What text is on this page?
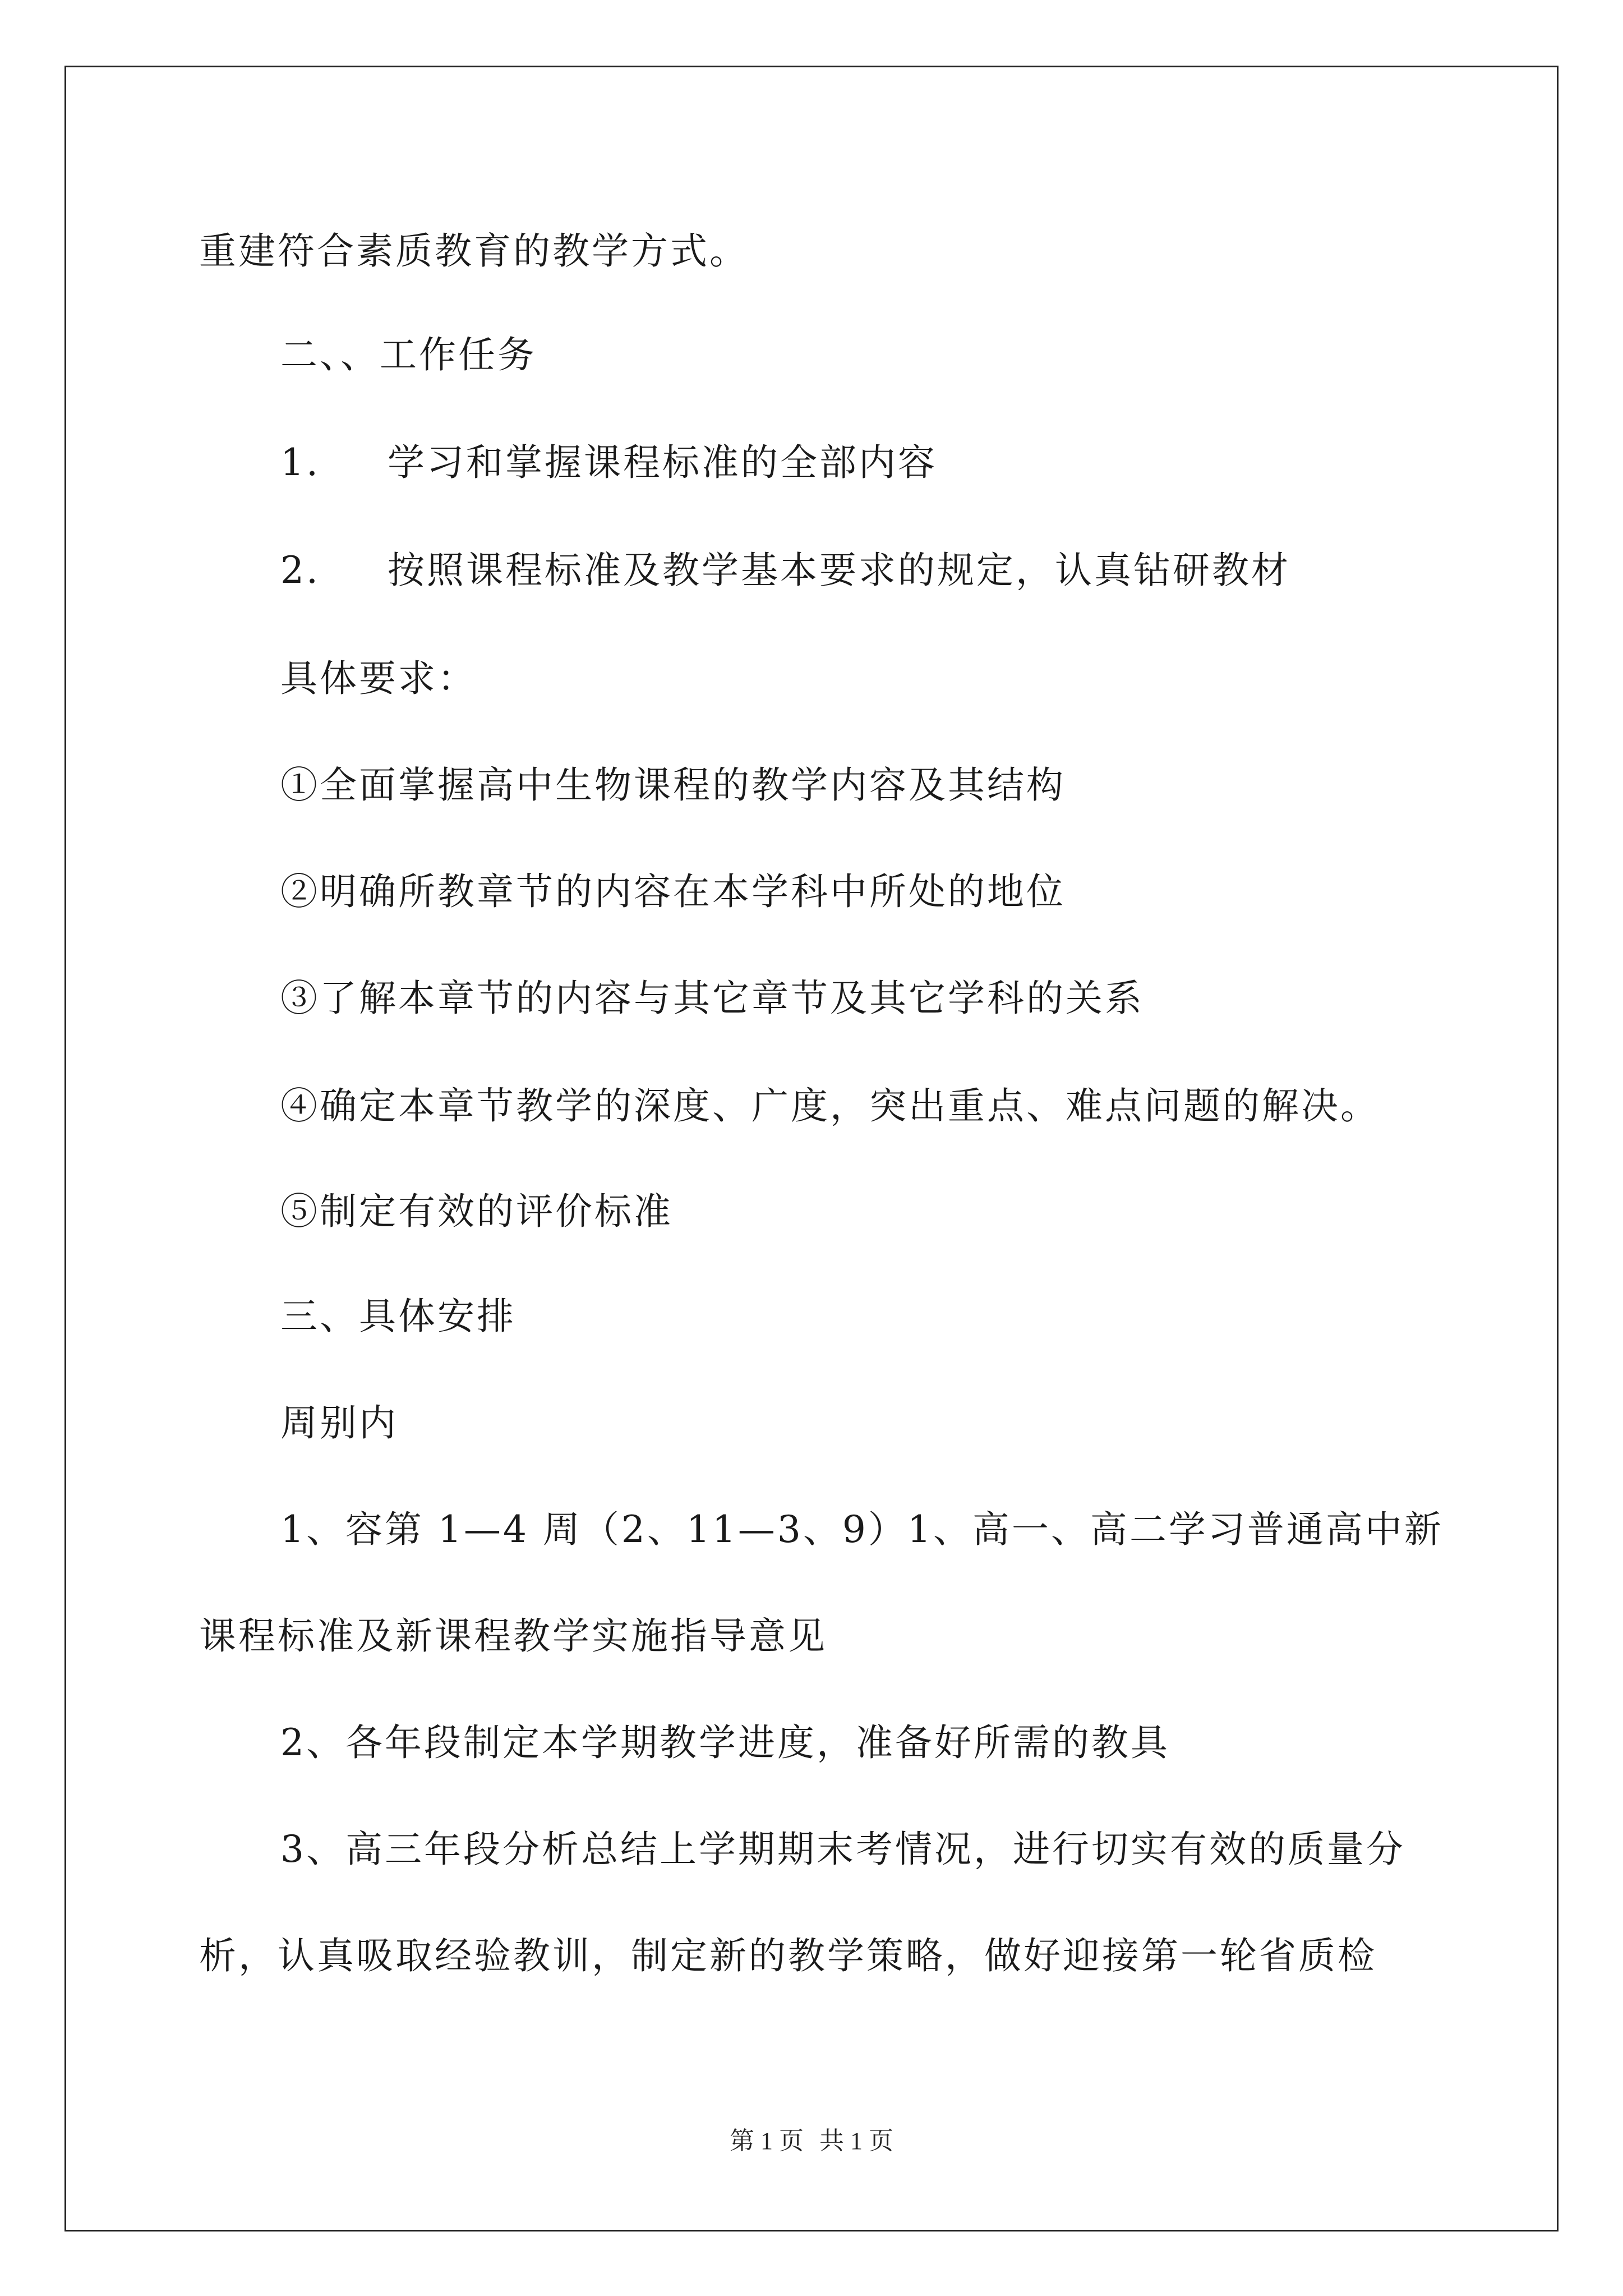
重建符合素质教育的教学方式。
二、、工作任务
1. 学习和掌握课程标准的全部内容
2. 按照课程标准及教学基本要求的规定，认真钻研教材
具体要求：
①全面掌握高中生物课程的教学内容及其结构
②明确所教章节的内容在本学科中所处的地位
③了解本章节的内容与其它章节及其它学科的关系
④确定本章节教学的深度、广度，突出重点、难点问题的解决。
⑤制定有效的评价标准
三、具体安排
周别内
1、容第 1—4 周（2、11—3、9）1、高一、高二学习普通高中新
课程标准及新课程教学实施指导意见
2、各年段制定本学期教学进度，准备好所需的教具
3、高三年段分析总结上学期期末考情况，进行切实有效的质量分
析，认真吸取经验教训，制定新的教学策略，做好迎接第一轮省质检
第 1 页 共 1 页
